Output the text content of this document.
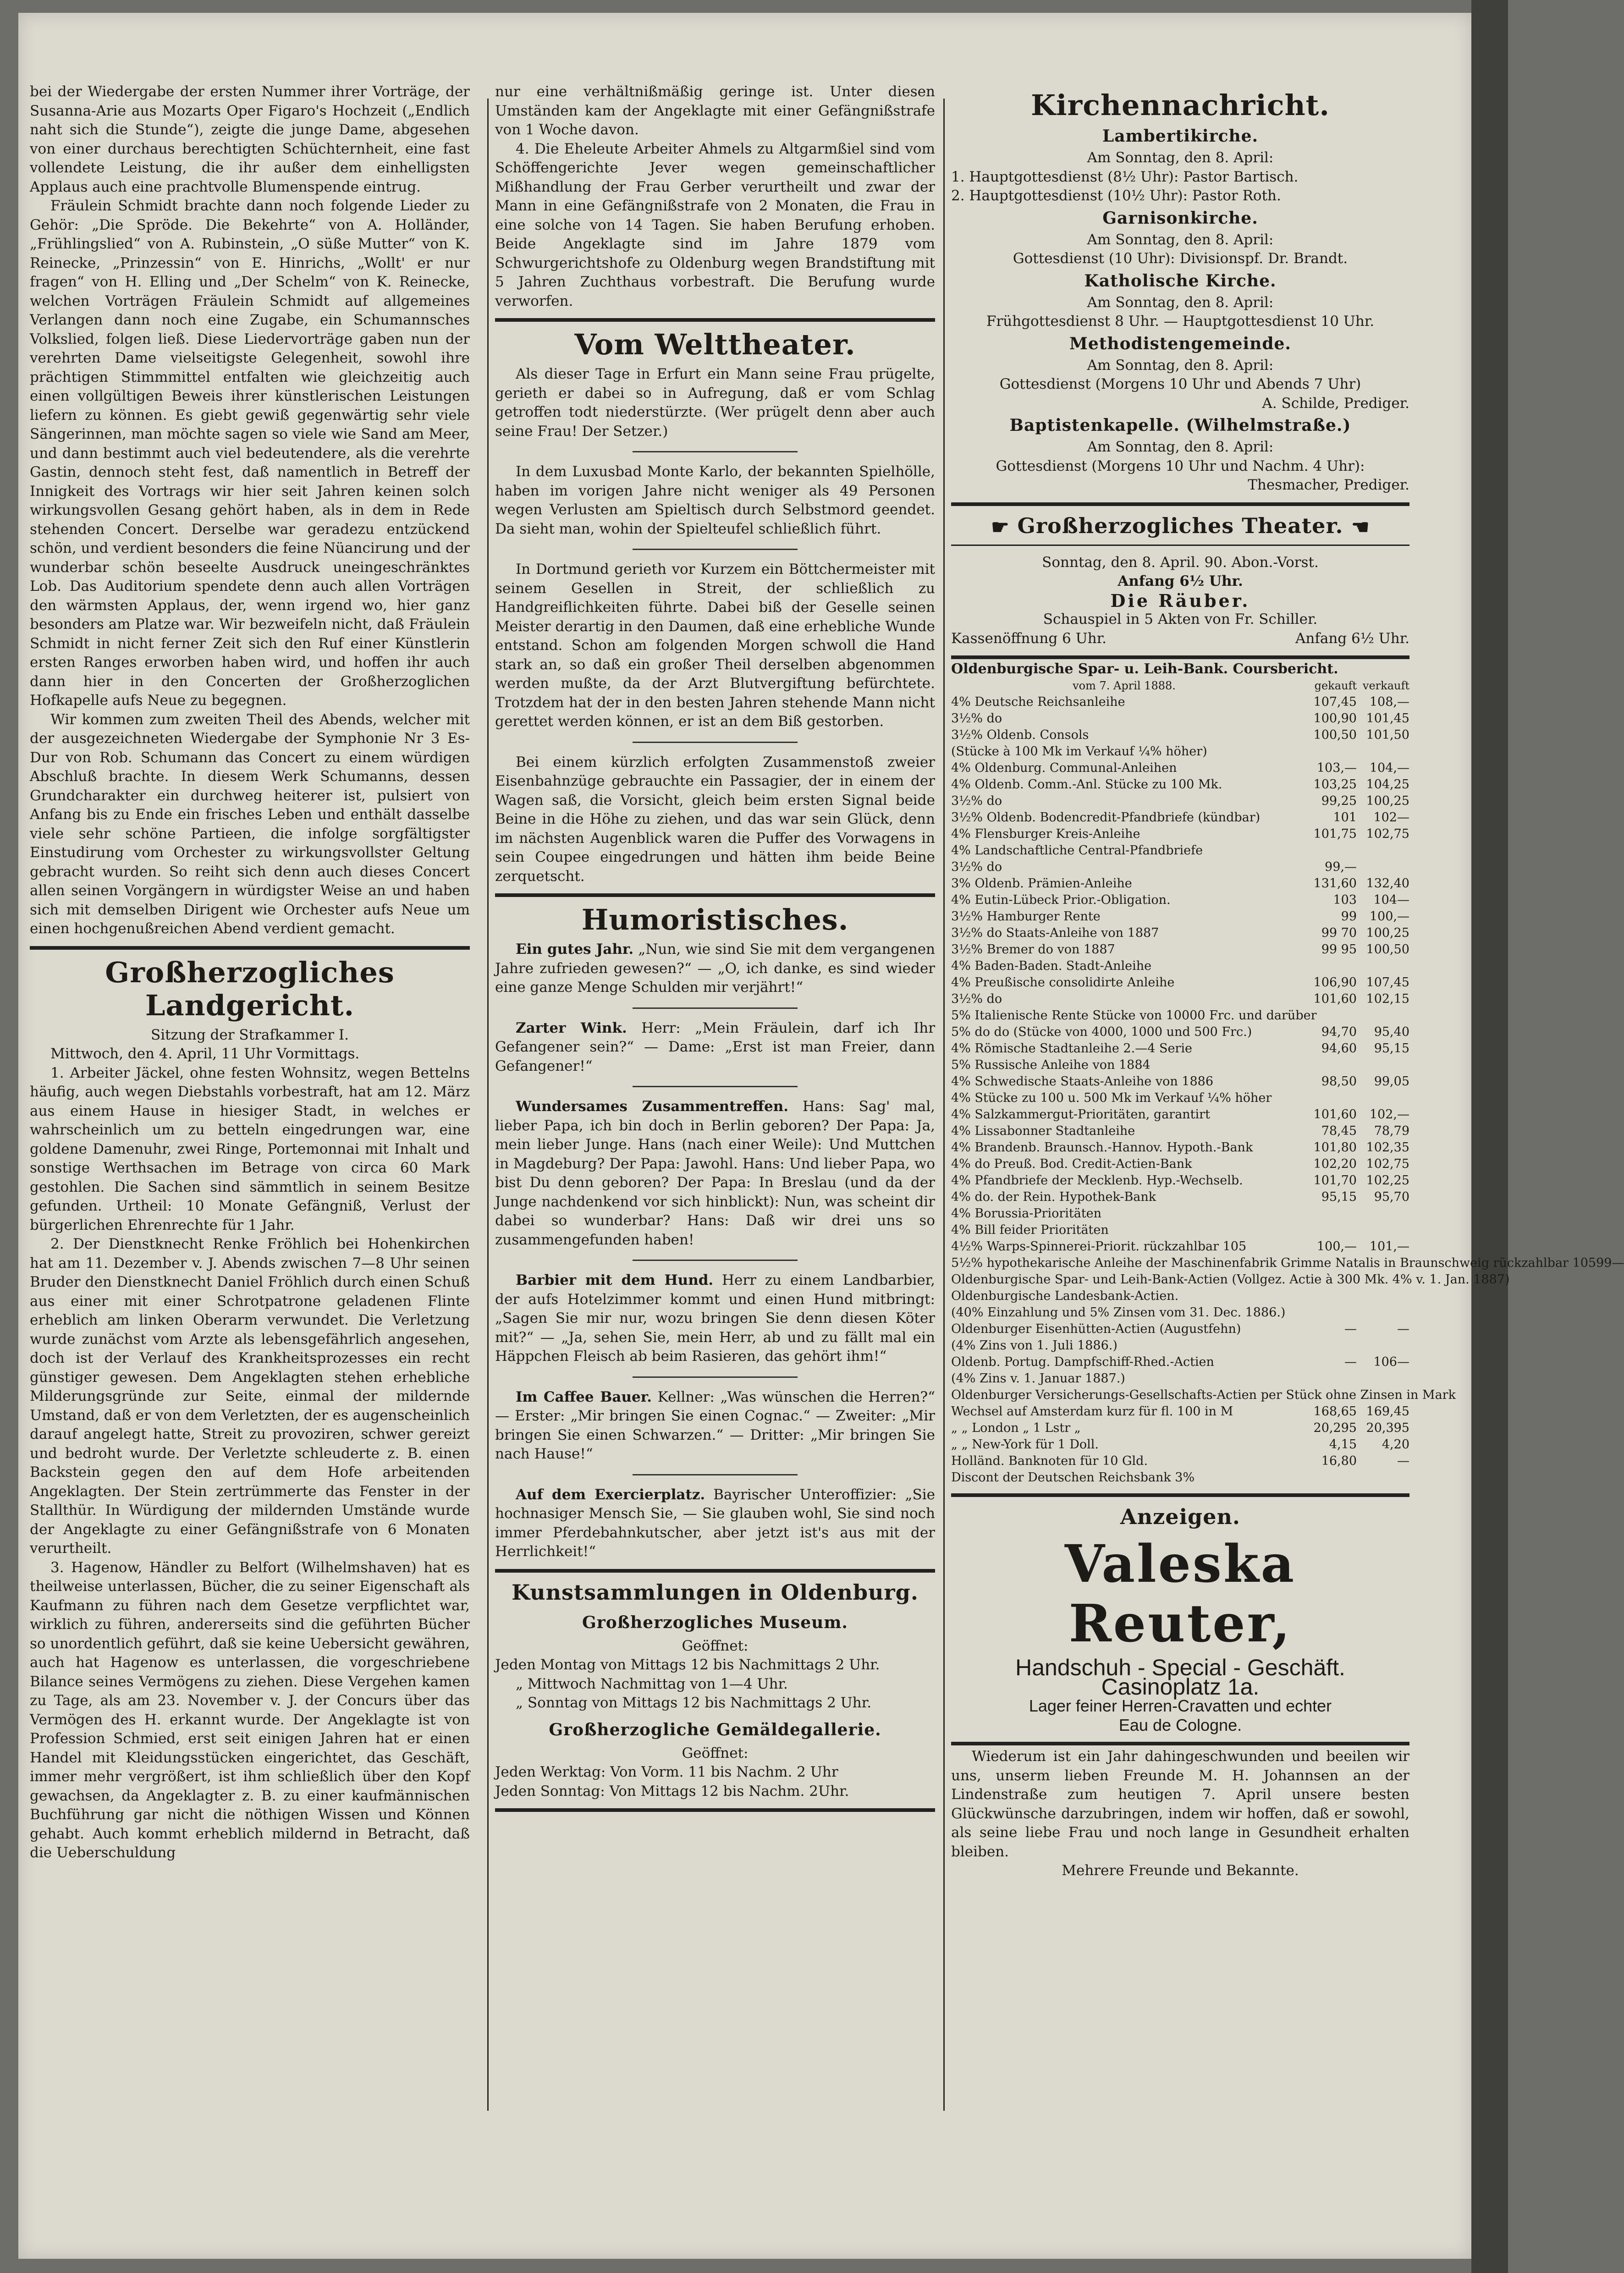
bei der Wiedergabe der ersten Nummer ihrer Vorträge, der Susanna-Arie aus Mozarts Oper Figaro's Hochzeit („Endlich naht sich die Stunde“), zeigte die junge Dame, abgesehen von einer durchaus berechtigten Schüchternheit, eine fast vollendete Leistung, die ihr außer dem einhelligsten Applaus auch eine prachtvolle Blumenspende eintrug.

Fräulein Schmidt brachte dann noch folgende Lieder zu Gehör: „Die Spröde. Die Bekehrte“ von A. Holländer, „Frühlingslied“ von A. Rubinstein, „O süße Mutter“ von K. Reinecke, „Prinzessin“ von E. Hinrichs, „Wollt' er nur fragen“ von H. Elling und „Der Schelm“ von K. Reinecke, welchen Vorträgen Fräulein Schmidt auf allgemeines Verlangen dann noch eine Zugabe, ein Schumannsches Volkslied, folgen ließ. Diese Liedervorträge gaben nun der verehrten Dame vielseitigste Gelegenheit, sowohl ihre prächtigen Stimmmittel entfalten wie gleichzeitig auch einen vollgültigen Beweis ihrer künstlerischen Leistungen liefern zu können. Es giebt gewiß gegenwärtig sehr viele Sängerinnen, man möchte sagen so viele wie Sand am Meer, und dann bestimmt auch viel bedeutendere, als die verehrte Gastin, dennoch steht fest, daß namentlich in Betreff der Innigkeit des Vortrags wir hier seit Jahren keinen solch wirkungsvollen Gesang gehört haben, als in dem in Rede stehenden Concert. Derselbe war geradezu entzückend schön, und verdient besonders die feine Nüancirung und der wunderbar schön beseelte Ausdruck uneingeschränktes Lob. Das Auditorium spendete denn auch allen Vorträgen den wärmsten Applaus, der, wenn irgend wo, hier ganz besonders am Platze war. Wir bezweifeln nicht, daß Fräulein Schmidt in nicht ferner Zeit sich den Ruf einer Künstlerin ersten Ranges erworben haben wird, und hoffen ihr auch dann hier in den Concerten der Großherzoglichen Hofkapelle aufs Neue zu begegnen.

Wir kommen zum zweiten Theil des Abends, welcher mit der ausgezeichneten Wiedergabe der Symphonie Nr 3 Es-Dur von Rob. Schumann das Concert zu einem würdigen Abschluß brachte. In diesem Werk Schumanns, dessen Grundcharakter ein durchweg heiterer ist, pulsiert von Anfang bis zu Ende ein frisches Leben und enthält dasselbe viele sehr schöne Partieen, die infolge sorgfältigster Einstudirung vom Orchester zu wirkungsvollster Geltung gebracht wurden. So reiht sich denn auch dieses Concert allen seinen Vorgängern in würdigster Weise an und haben sich mit demselben Dirigent wie Orchester aufs Neue um einen hochgenußreichen Abend verdient gemacht.

Großherzogliches Landgericht.

Sitzung der Strafkammer I.

Mittwoch, den 4. April, 11 Uhr Vormittags.

1. Arbeiter Jäckel, ohne festen Wohnsitz, wegen Bettelns häufig, auch wegen Diebstahls vorbestraft, hat am 12. März aus einem Hause in hiesiger Stadt, in welches er wahrscheinlich um zu betteln eingedrungen war, eine goldene Damenuhr, zwei Ringe, Portemonnai mit Inhalt und sonstige Werthsachen im Betrage von circa 60 Mark gestohlen. Die Sachen sind sämmtlich in seinem Besitze gefunden. Urtheil: 10 Monate Gefängniß, Verlust der bürgerlichen Ehrenrechte für 1 Jahr.

2. Der Dienstknecht Renke Fröhlich bei Hohenkirchen hat am 11. Dezember v. J. Abends zwischen 7—8 Uhr seinen Bruder den Dienstknecht Daniel Fröhlich durch einen Schuß aus einer mit einer Schrotpatrone geladenen Flinte erheblich am linken Oberarm verwundet. Die Verletzung wurde zunächst vom Arzte als lebensgefährlich angesehen, doch ist der Verlauf des Krankheitsprozesses ein recht günstiger gewesen. Dem Angeklagten stehen erhebliche Milderungsgründe zur Seite, einmal der mildernde Umstand, daß er von dem Verletzten, der es augenscheinlich darauf angelegt hatte, Streit zu provoziren, schwer gereizt und bedroht wurde. Der Verletzte schleuderte z. B. einen Backstein gegen den auf dem Hofe arbeitenden Angeklagten. Der Stein zertrümmerte das Fenster in der Stallthür. In Würdigung der mildernden Umstände wurde der Angeklagte zu einer Gefängnißstrafe von 6 Monaten verurtheilt.

3. Hagenow, Händler zu Belfort (Wilhelmshaven) hat es theilweise unterlassen, Bücher, die zu seiner Eigenschaft als Kaufmann zu führen nach dem Gesetze verpflichtet war, wirklich zu führen, andererseits sind die geführten Bücher so unordentlich geführt, daß sie keine Uebersicht gewähren, auch hat Hagenow es unterlassen, die vorgeschriebene Bilance seines Vermögens zu ziehen. Diese Vergehen kamen zu Tage, als am 23. November v. J. der Concurs über das Vermögen des H. erkannt wurde. Der Angeklagte ist von Profession Schmied, erst seit einigen Jahren hat er einen Handel mit Kleidungsstücken eingerichtet, das Geschäft, immer mehr vergrößert, ist ihm schließlich über den Kopf gewachsen, da Angeklagter z. B. zu einer kaufmännischen Buchführung gar nicht die nöthigen Wissen und Können gehabt. Auch kommt erheblich mildernd in Betracht, daß die Ueberschuldung

nur eine verhältnißmäßig geringe ist. Unter diesen Umständen kam der Angeklagte mit einer Gefängnißstrafe von 1 Woche davon.

4. Die Eheleute Arbeiter Ahmels zu Altgarmßiel sind vom Schöffengerichte Jever wegen gemeinschaftlicher Mißhandlung der Frau Gerber verurtheilt und zwar der Mann in eine Gefängnißstrafe von 2 Monaten, die Frau in eine solche von 14 Tagen. Sie haben Berufung erhoben. Beide Angeklagte sind im Jahre 1879 vom Schwurgerichtshofe zu Oldenburg wegen Brandstiftung mit 5 Jahren Zuchthaus vorbestraft. Die Berufung wurde verworfen.

Vom Welttheater.

Als dieser Tage in Erfurt ein Mann seine Frau prügelte, gerieth er dabei so in Aufregung, daß er vom Schlag getroffen todt niederstürzte. (Wer prügelt denn aber auch seine Frau! Der Setzer.)

In dem Luxusbad Monte Karlo, der bekannten Spielhölle, haben im vorigen Jahre nicht weniger als 49 Personen wegen Verlusten am Spieltisch durch Selbstmord geendet. Da sieht man, wohin der Spielteufel schließlich führt.

In Dortmund gerieth vor Kurzem ein Böttchermeister mit seinem Gesellen in Streit, der schließlich zu Handgreiflichkeiten führte. Dabei biß der Geselle seinen Meister derartig in den Daumen, daß eine erhebliche Wunde entstand. Schon am folgenden Morgen schwoll die Hand stark an, so daß ein großer Theil derselben abgenommen werden mußte, da der Arzt Blutvergiftung befürchtete. Trotzdem hat der in den besten Jahren stehende Mann nicht gerettet werden können, er ist an dem Biß gestorben.

Bei einem kürzlich erfolgten Zusammenstoß zweier Eisenbahnzüge gebrauchte ein Passagier, der in einem der Wagen saß, die Vorsicht, gleich beim ersten Signal beide Beine in die Höhe zu ziehen, und das war sein Glück, denn im nächsten Augenblick waren die Puffer des Vorwagens in sein Coupee eingedrungen und hätten ihm beide Beine zerquetscht.

Humoristisches.

Ein gutes Jahr. „Nun, wie sind Sie mit dem vergangenen Jahre zufrieden gewesen?“ — „O, ich danke, es sind wieder eine ganze Menge Schulden mir verjährt!“

Zarter Wink. Herr: „Mein Fräulein, darf ich Ihr Gefangener sein?“ — Dame: „Erst ist man Freier, dann Gefangener!“

Wundersames Zusammentreffen. Hans: Sag' mal, lieber Papa, ich bin doch in Berlin geboren? Der Papa: Ja, mein lieber Junge. Hans (nach einer Weile): Und Muttchen in Magdeburg? Der Papa: Jawohl. Hans: Und lieber Papa, wo bist Du denn geboren? Der Papa: In Breslau (und da der Junge nachdenkend vor sich hinblickt): Nun, was scheint dir dabei so wunderbar? Hans: Daß wir drei uns so zusammengefunden haben!

Barbier mit dem Hund. Herr zu einem Landbarbier, der aufs Hotelzimmer kommt und einen Hund mitbringt: „Sagen Sie mir nur, wozu bringen Sie denn diesen Köter mit?“ — „Ja, sehen Sie, mein Herr, ab und zu fällt mal ein Häppchen Fleisch ab beim Rasieren, das gehört ihm!“

Im Caffee Bauer. Kellner: „Was wünschen die Herren?“ — Erster: „Mir bringen Sie einen Cognac.“ — Zweiter: „Mir bringen Sie einen Schwarzen.“ — Dritter: „Mir bringen Sie nach Hause!“

Auf dem Exercierplatz. Bayrischer Unteroffizier: „Sie hochnasiger Mensch Sie, — Sie glauben wohl, Sie sind noch immer Pferdebahnkutscher, aber jetzt ist's aus mit der Herrlichkeit!“

Kunstsammlungen in Oldenburg.
Großherzogliches Museum.

Geöffnet:

Jeden Montag von Mittags 12 bis Nachmittags 2 Uhr.

„ Mittwoch Nachmittag von 1—4 Uhr.

„ Sonntag von Mittags 12 bis Nachmittags 2 Uhr.

Großherzogliche Gemäldegallerie.

Geöffnet:

Jeden Werktag: Von Vorm. 11 bis Nachm. 2 Uhr

Jeden Sonntag: Von Mittags 12 bis Nachm. 2Uhr.

Kirchennachricht.
Lambertikirche.

Am Sonntag, den 8. April:

1. Hauptgottesdienst (8½ Uhr): Pastor Bartisch.

2. Hauptgottesdienst (10½ Uhr): Pastor Roth.

Garnisonkirche.

Am Sonntag, den 8. April:

Gottesdienst (10 Uhr): Divisionspf. Dr. Brandt.

Katholische Kirche.

Am Sonntag, den 8. April:

Frühgottesdienst 8 Uhr. — Hauptgottesdienst 10 Uhr.

Methodistengemeinde.

Am Sonntag, den 8. April:

Gottesdienst (Morgens 10 Uhr und Abends 7 Uhr)

A. Schilde, Prediger.

Baptistenkapelle. (Wilhelmstraße.)

Am Sonntag, den 8. April:

Gottesdienst (Morgens 10 Uhr und Nachm. 4 Uhr):

Thesmacher, Prediger.

☛ Großherzogliches Theater. ☛

Sonntag, den 8. April. 90. Abon.-Vorst.

Anfang 6½ Uhr.

Die Räuber.

Schauspiel in 5 Akten von Fr. Schiller.

Kassenöffnung 6 Uhr.	Anfang 6½ Uhr.
Oldenburgische Spar- u. Leih-Bank. Coursbericht.
vom 7. April 1888.	gekauft verkauft
4% Deutsche Reichsanleihe	107,45	108,—
3½% do	100,90 101,45
3½% Oldenb. Consols	100,50 101,50
(Stücke à 100 Mk im Verkauf ¼% höher)
4% Oldenburg. Communal-Anleihen	103,—	104,—
4% Oldenb. Comm.-Anl. Stücke zu 100 Mk.	103,25 104,25
3½% do	99,25 100,25
3½% Oldenb. Bodencredit-Pfandbriefe (kündbar)	101	102—
4% Flensburger Kreis-Anleihe	101,75 102,75
4% Landschaftliche Central-Pfandbriefe
3½% do	99,—
3% Oldenb. Prämien-Anleihe	131,60 132,40
4% Eutin-Lübeck Prior.-Obligation.	103	104—
3½% Hamburger Rente	99	100,—
3½% do Staats-Anleihe von 1887	99 70 100,25
3½% Bremer do von 1887	99 95 100,50
4% Baden-Baden. Stadt-Anleihe
4% Preußische consolidirte Anleihe	106,90 107,45
3½% do	101,60 102,15
5% Italienische Rente Stücke von 10000 Frc. und darüber
5% do do (Stücke von 4000, 1000 und 500 Frc.)	94,70	95,40
4% Römische Stadtanleihe 2.—4 Serie	94,60	95,15
5% Russische Anleihe von 1884
4% Schwedische Staats-Anleihe von 1886	98,50	99,05
4% Stücke zu 100 u. 500 Mk im Verkauf ¼% höher
4% Salzkammergut-Prioritäten, garantirt	101,60	102,—
4% Lissabonner Stadtanleihe	78,45	78,79
4% Brandenb. Braunsch.-Hannov. Hypoth.-Bank	101,80 102,35
4% do Preuß. Bod. Credit-Actien-Bank	102,20 102,75
4% Pfandbriefe der Mecklenb. Hyp.-Wechselb.	101,70 102,25
4% do. der Rein. Hypothek-Bank	95,15	95,70
4% Borussia-Prioritäten
4% Bill feider Prioritäten
4½% Warps-Spinnerei-Priorit. rückzahlbar 105	100,—	101,—
5½% hypothekarische Anleihe der Maschinenfabrik Grimme Natalis in Braunschweig rückzahlbar 105 99 —
Oldenburgische Spar- und Leih-Bank-Actien (Vollgez. Actie à 300 Mk. 4% v. 1. Jan. 1887)
Oldenburgische Landesbank-Actien.
(40% Einzahlung und 5% Zinsen vom 31. Dec. 1886.)
Oldenburger Eisenhütten-Actien (Augustfehn)	—	—
(4% Zins von 1. Juli 1886.)
Oldenb. Portug. Dampfschiff-Rhed.-Actien	—	106—
(4% Zins v. 1. Januar 1887.)
Oldenburger Versicherungs-Gesellschafts-Actien per Stück ohne Zinsen in Mark
Wechsel auf Amsterdam kurz für fl. 100 in M	168,65 169,45
„ „ London „ 1 Lstr „	20,295 20,395
„ „ New-York für 1 Doll.	4,15	4,20
Holländ. Banknoten für 10 Gld.	16,80	—
Discont der Deutschen Reichsbank 3%
Anzeigen.
Valeska Reuter,

Handschuh - Special - Geschäft.

Casinoplatz 1a.

Lager feiner Herren-Cravatten und echter

Eau de Cologne.

Wiederum ist ein Jahr dahingeschwunden und beeilen wir uns, unserm lieben Freunde M. H. Johannsen an der Lindenstraße zum heutigen 7. April unsere besten Glückwünsche darzubringen, indem wir hoffen, daß er sowohl, als seine liebe Frau und noch lange in Gesundheit erhalten bleiben.

Mehrere Freunde und Bekannte.
